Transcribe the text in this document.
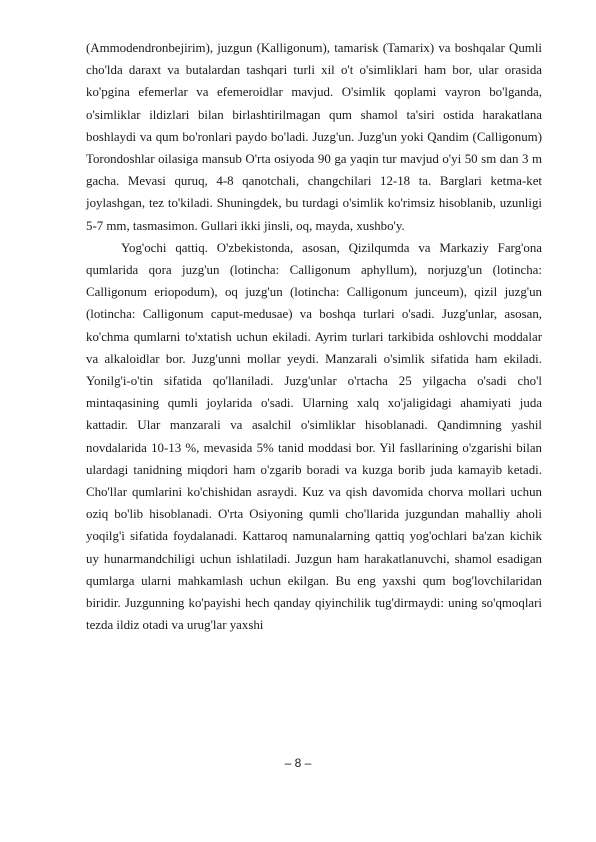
(Ammodendronbejirim), juzgun (Kalligonum), tamarisk (Tamarix) va boshqalar Qumli cho'lda daraxt va butalardan tashqari turli xil o't o'simliklari ham bor, ular orasida ko'pgina efemerlar va efemeroidlar mavjud. O'simlik qoplami vayron bo'lganda, o'simliklar ildizlari bilan birlashtirilmagan qum shamol ta'siri ostida harakatlana boshlaydi va qum bo'ronlari paydo bo'ladi. Juzg'un. Juzg'un yoki Qandim (Calligonum) Torondoshlar oilasiga mansub O'rta osiyoda 90 ga yaqin tur mavjud o'yi 50 sm dan 3 m gacha. Mevasi quruq, 4-8 qanotchali, changchilari 12-18 ta. Barglari ketma-ket joylashgan, tez to'kiladi. Shuningdek, bu turdagi o'simlik ko'rimsiz hisoblanib, uzunligi 5-7 mm, tasmasimon. Gullari ikki jinsli, oq, mayda, xushbo'y.

Yog'ochi qattiq. O'zbekistonda, asosan, Qizilqumda va Markaziy Farg'ona qumlarida qora juzg'un (lotincha: Calligonum aphyllum), norjuzg'un (lotincha: Calligonum eriopodum), oq juzg'un (lotincha: Calligonum junceum), qizil juzg'un (lotincha: Calligonum caput-medusae) va boshqa turlari o'sadi. Juzg'unlar, asosan, ko'chma qumlarni to'xtatish uchun ekiladi. Ayrim turlari tarkibida oshlovchi moddalar va alkaloidlar bor. Juzg'unni mollar yeydi. Manzarali o'simlik sifatida ham ekiladi. Yonilg'i-o'tin sifatida qo'llaniladi. Juzg'unlar o'rtacha 25 yilgacha o'sadi cho'l mintaqasining qumli joylarida o'sadi. Ularning xalq xo'jaligidagi ahamiyati juda kattadir. Ular manzarali va asalchil o'simliklar hisoblanadi. Qandimning yashil novdalarida 10-13 %, mevasida 5% tanid moddasi bor. Yil fasllarining o'zgarishi bilan ulardagi tanidning miqdori ham o'zgarib boradi va kuzga borib juda kamayib ketadi. Cho'llar qumlarini ko'chishidan asraydi. Kuz va qish davomida chorva mollari uchun oziq bo'lib hisoblanadi. O'rta Osiyoning qumli cho'llarida juzgundan mahalliy aholi yoqilg'i sifatida foydalanadi. Kattaroq namunalarning qattiq yog'ochlari ba'zan kichik uy hunarmandchiligi uchun ishlatiladi. Juzgun ham harakatlanuvchi, shamol esadigan qumlarga ularni mahkamlash uchun ekilgan. Bu eng yaxshi qum bog'lovchilaridan biridir. Juzgunning ko'payishi hech qanday qiyinchilik tug'dirmaydi: uning so'qmoqlari tezda ildiz otadi va urug'lar yaxshi

– 8 –
